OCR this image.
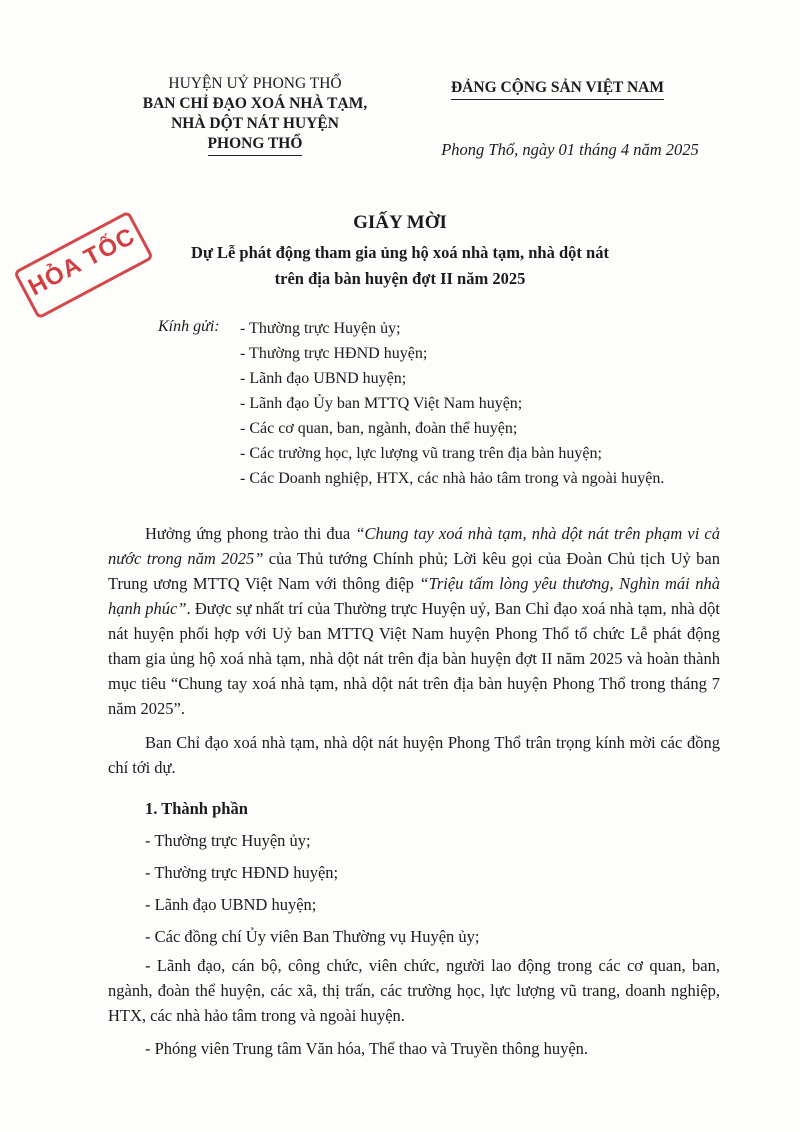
HUYỆN UỶ PHONG THỔ
BAN CHỈ ĐẠO XOÁ NHÀ TẠM,
NHÀ DỘT NÁT HUYỆN
PHONG THỔ
ĐẢNG CỘNG SẢN VIỆT NAM
Phong Thổ, ngày 01 tháng 4 năm 2025
HỎA TỐC
GIẤY MỜI
Dự Lễ phát động tham gia ủng hộ xoá nhà tạm, nhà dột nát
trên địa bàn huyện đợt II năm 2025
Kính gửi: - Thường trực Huyện ủy;
- Thường trực HĐND huyện;
- Lãnh đạo UBND huyện;
- Lãnh đạo Ủy ban MTTQ Việt Nam huyện;
- Các cơ quan, ban, ngành, đoàn thể huyện;
- Các trường học, lực lượng vũ trang trên địa bàn huyện;
- Các Doanh nghiệp, HTX, các nhà hảo tâm trong và ngoài huyện.

Hưởng ứng phong trào thi đua “Chung tay xoá nhà tạm, nhà dột nát trên phạm vi cả nước trong năm 2025” của Thủ tướng Chính phủ; Lời kêu gọi của Đoàn Chủ tịch Uỷ ban Trung ương MTTQ Việt Nam với thông điệp “Triệu tấm lòng yêu thương, Nghìn mái nhà hạnh phúc”. Được sự nhất trí của Thường trực Huyện uỷ, Ban Chỉ đạo xoá nhà tạm, nhà dột nát huyện phối hợp với Uỷ ban MTTQ Việt Nam huyện Phong Thổ tổ chức Lễ phát động tham gia ủng hộ xoá nhà tạm, nhà dột nát trên địa bàn huyện đợt II năm 2025 và hoàn thành mục tiêu “Chung tay xoá nhà tạm, nhà dột nát trên địa bàn huyện Phong Thổ trong tháng 7 năm 2025”.

Ban Chỉ đạo xoá nhà tạm, nhà dột nát huyện Phong Thổ trân trọng kính mời các đồng chí tới dự.

1. Thành phần
- Thường trực Huyện ủy;
- Thường trực HĐND huyện;
- Lãnh đạo UBND huyện;
- Các đồng chí Ủy viên Ban Thường vụ Huyện ủy;
- Lãnh đạo, cán bộ, công chức, viên chức, người lao động trong các cơ quan, ban, ngành, đoàn thể huyện, các xã, thị trấn, các trường học, lực lượng vũ trang, doanh nghiệp, HTX, các nhà hảo tâm trong và ngoài huyện.
- Phóng viên Trung tâm Văn hóa, Thể thao và Truyền thông huyện.
